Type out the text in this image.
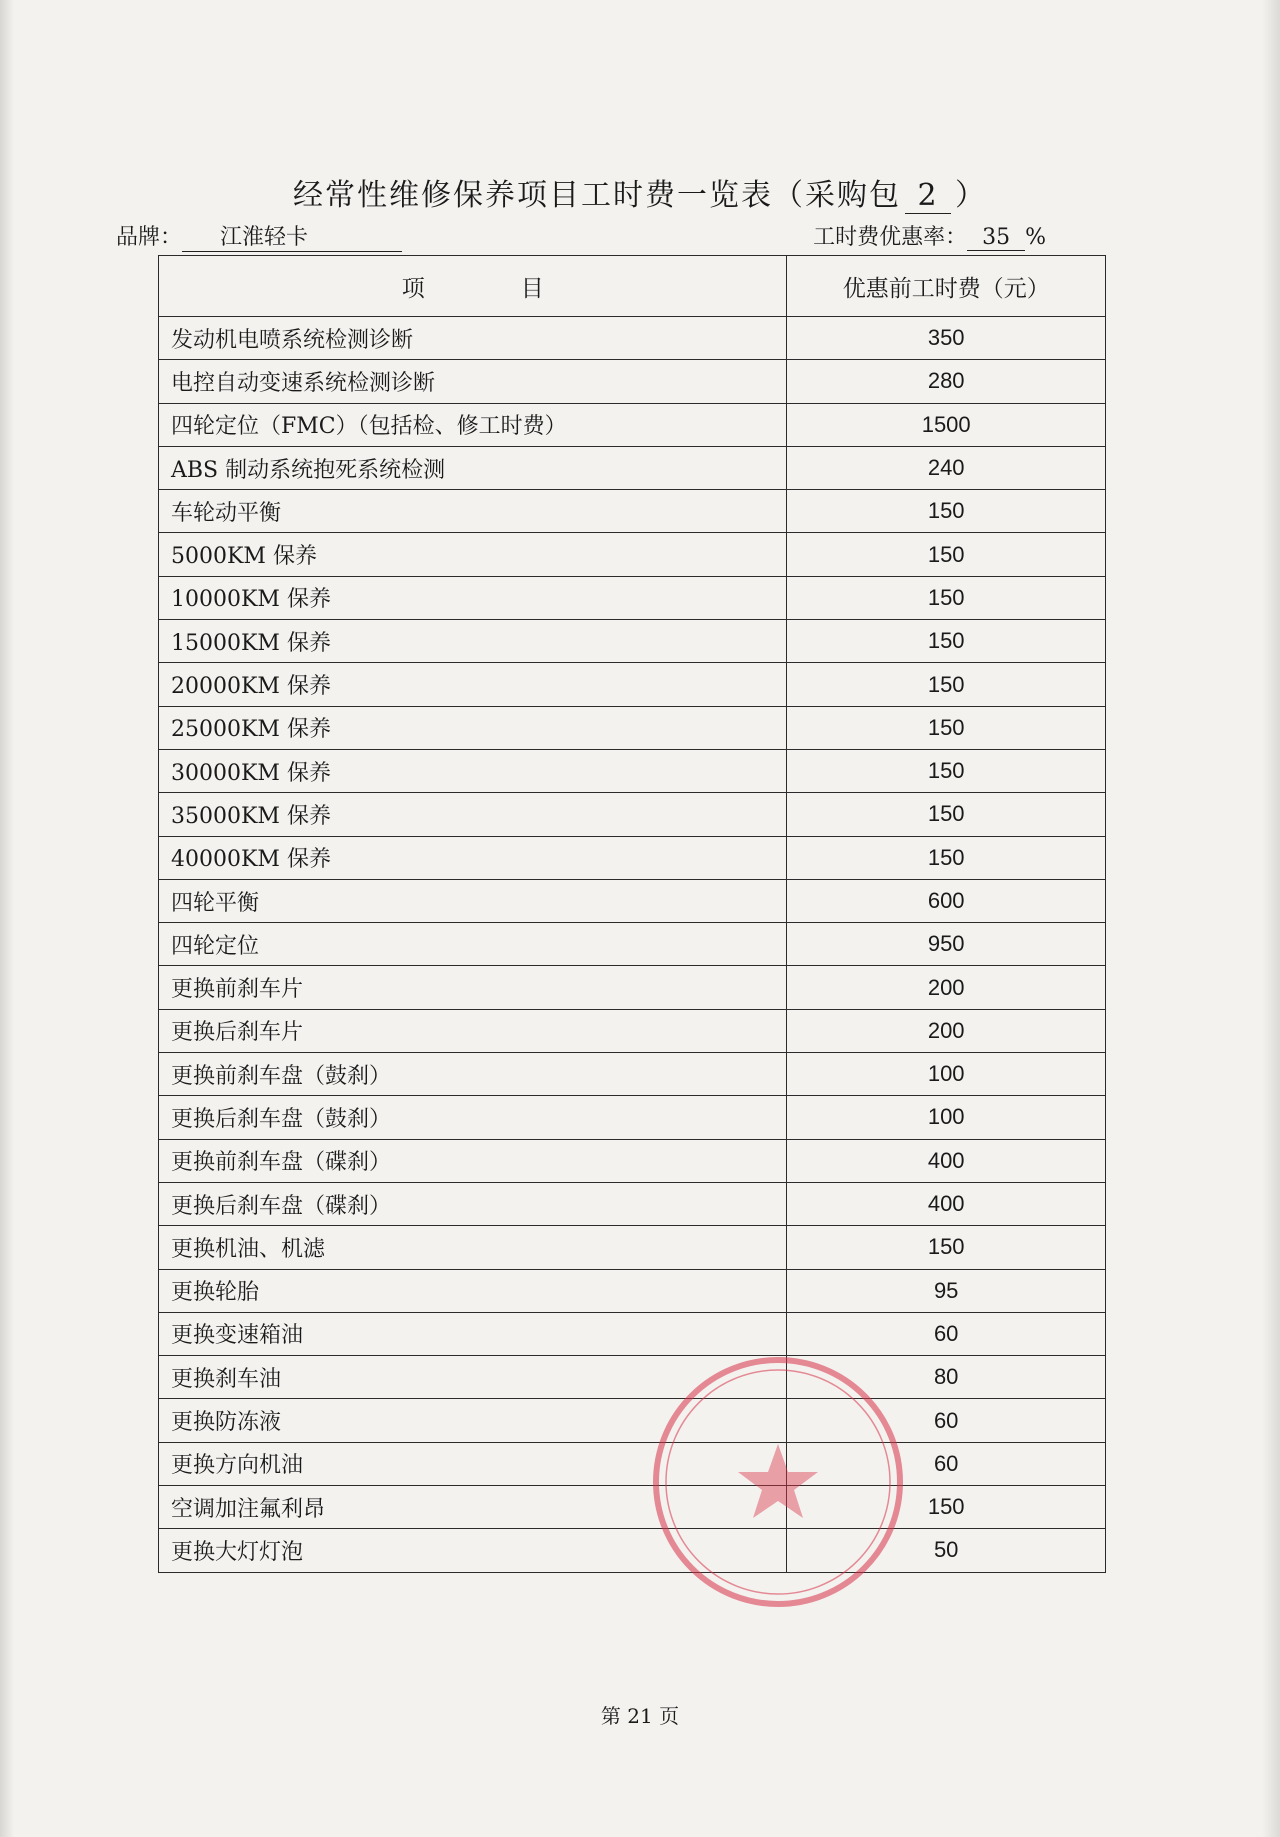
经常性维修保养项目工时费一览表（采购包 2 ）
品牌： 江淮轻卡	工时费优惠率： 35 %
项目	优惠前工时费（元）
发动机电喷系统检测诊断	350
电控自动变速系统检测诊断	280
四轮定位（FMC）（包括检、修工时费）	1500
ABS 制动系统抱死系统检测	240
车轮动平衡	150
5000KM 保养	150
10000KM 保养	150
15000KM 保养	150
20000KM 保养	150
25000KM 保养	150
30000KM 保养	150
35000KM 保养	150
40000KM 保养	150
四轮平衡	600
四轮定位	950
更换前刹车片	200
更换后刹车片	200
更换前刹车盘（鼓刹）	100
更换后刹车盘（鼓刹）	100
更换前刹车盘（碟刹）	400
更换后刹车盘（碟刹）	400
更换机油、机滤	150
更换轮胎	95
更换变速箱油	60
更换刹车油	80
更换防冻液	60
更换方向机油	60
空调加注氟利昂	150
更换大灯灯泡	50
第 21 页
